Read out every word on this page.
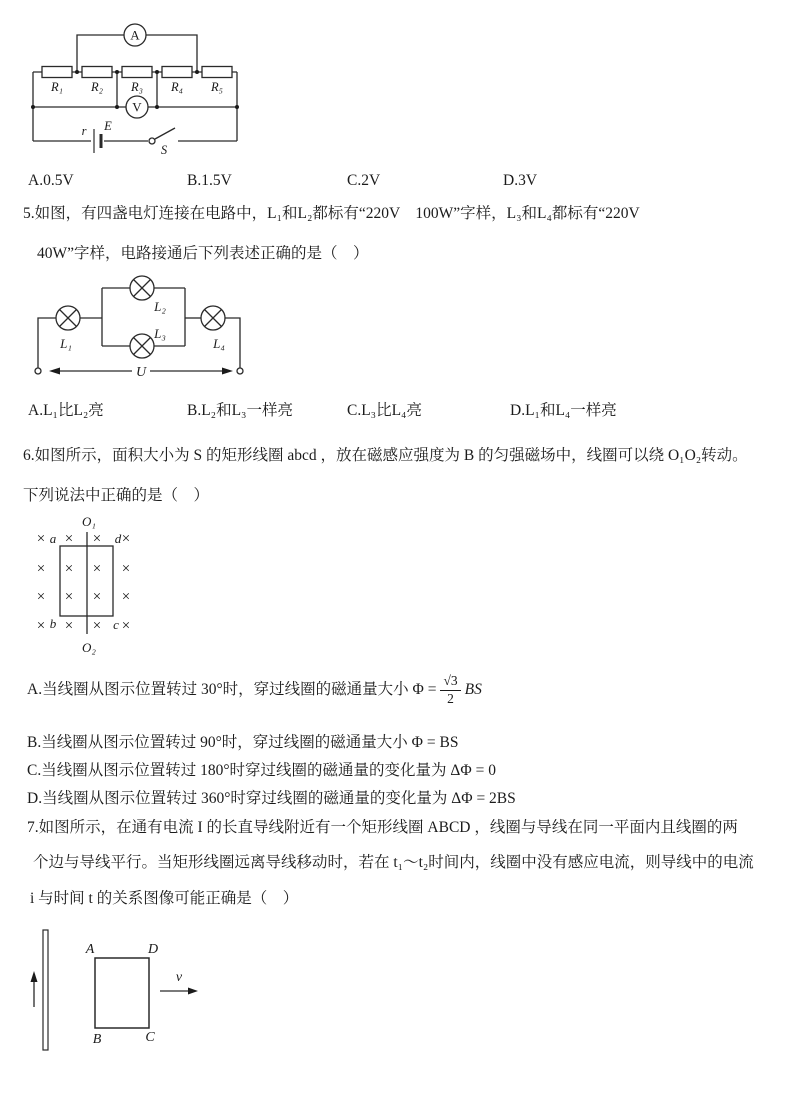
A
V
R₁ R₂ R₃ R₄ R₅
r E
S
A.0.5V	B.1.5V	C.2V	D.3V
5.如图，有四盏电灯连接在电路中，L₁和L₂都标有“220V　100W”字样，L₃和L₄都标有“220V
40W”字样，电路接通后下列表述正确的是（　）
U
L₁
L₂
L₃
L₄
A.L₁比L₂亮	B.L₂和L₃一样亮	C.L₃比L₄亮	D.L₁和L₄一样亮
6.如图所示，面积大小为 S 的矩形线圈 abcd ，放在磁感应强度为 B 的匀强磁场中，线圈可以绕 O₁O₂转动。
下列说法中正确的是（　）
O₁
O₂
× × × ×
× × × ×
× × × ×
× × × ×
a	d
b	c
A.当线圈从图示位置转过 30°时，穿过线圈的磁通量大小 $\Phi = \frac{√3}{2}$ BS
B.当线圈从图示位置转过 90°时，穿过线圈的磁通量大小 Φ = BS
C.当线圈从图示位置转过 180°时穿过线圈的磁通量的变化量为 ΔΦ = 0
D.当线圈从图示位置转过 360°时穿过线圈的磁通量的变化量为 ΔΦ = 2BS
7.如图所示，在通有电流 I 的长直导线附近有一个矩形线圈 ABCD ，线圈与导线在同一平面内且线圈的两
个边与导线平行。当矩形线圈远离导线移动时，若在 t₁～t₂时间内，线圈中没有感应电流，则导线中的电流
i 与时间 t 的关系图像可能正确是（　）
A	D
B	C
v
